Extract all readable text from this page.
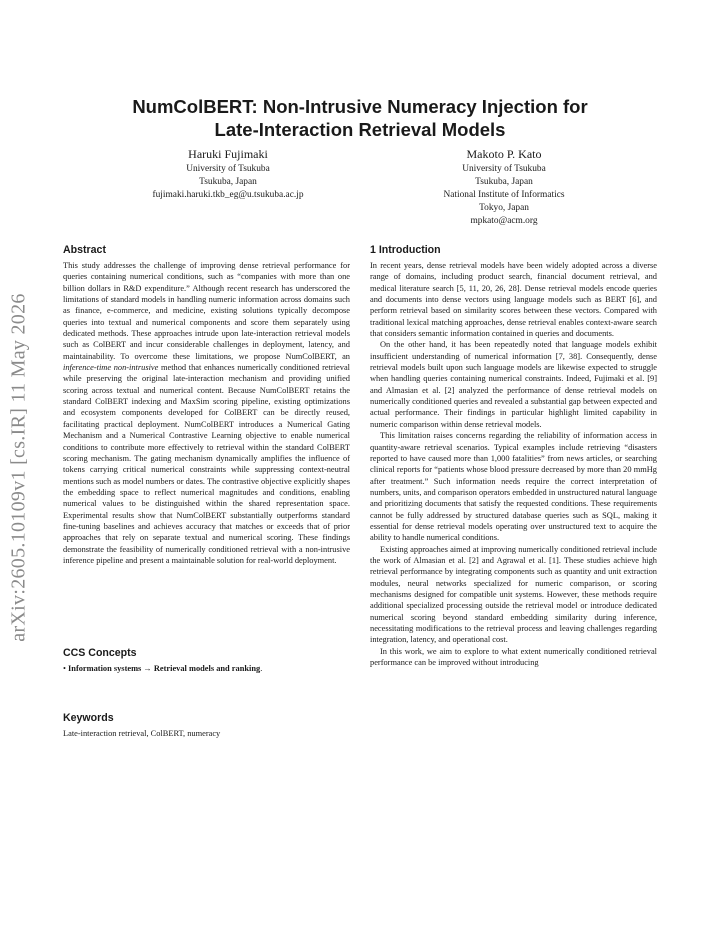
arXiv:2605.10109v1 [cs.IR] 11 May 2026
NumColBERT: Non-Intrusive Numeracy Injection for
Late-Interaction Retrieval Models
Haruki Fujimaki
University of Tsukuba
Tsukuba, Japan
fujimaki.haruki.tkb_eg@u.tsukuba.ac.jp
Makoto P. Kato
University of Tsukuba
Tsukuba, Japan
National Institute of Informatics
Tokyo, Japan
mpkato@acm.org
Abstract

This study addresses the challenge of improving dense retrieval performance for queries containing numerical conditions, such as “companies with more than one billion dollars in R&D expenditure.” Although recent research has underscored the limitations of standard models in handling numeric information across domains such as finance, e-commerce, and medicine, existing solutions typically decompose queries into textual and numerical components and score them separately using dedicated methods. These approaches intrude upon late-interaction retrieval models such as ColBERT and incur considerable challenges in deployment, latency, and maintainability. To overcome these limitations, we propose NumColBERT, an inference-time non-intrusive method that enhances numerically conditioned retrieval while preserving the original late-interaction mechanism and providing unified scoring across textual and numerical content. Because NumColBERT retains the standard ColBERT indexing and MaxSim scoring pipeline, existing optimizations and ecosystem components developed for ColBERT can be directly reused, facilitating practical deployment. NumColBERT introduces a Numerical Gating Mechanism and a Numerical Contrastive Learning objective to enable numerical conditions to contribute more effectively to retrieval within the standard ColBERT scoring mechanism. The gating mechanism dynamically amplifies the influence of tokens carrying critical numerical constraints while suppressing context-neutral mentions such as model numbers or dates. The contrastive objective explicitly shapes the embedding space to reflect numerical magnitudes and conditions, enabling numerical values to be distinguished within the shared representation space. Experimental results show that NumColBERT substantially outperforms standard fine-tuning baselines and achieves accuracy that matches or exceeds that of prior approaches that rely on separate textual and numerical scoring. These findings demonstrate the feasibility of numerically conditioned retrieval with a non-intrusive inference pipeline and present a maintainable solution for real-world deployment.

CCS Concepts

• Information systems → Retrieval models and ranking.

Keywords

Late-interaction retrieval, ColBERT, numeracy

1 Introduction

In recent years, dense retrieval models have been widely adopted across a diverse range of domains, including product search, financial document retrieval, and medical literature search [5, 11, 20, 26, 28]. Dense retrieval models encode queries and documents into dense vectors using language models such as BERT [6], and perform retrieval based on similarity scores between these vectors. Compared with traditional lexical matching approaches, dense retrieval enables context-aware search that considers semantic information contained in queries and documents.

On the other hand, it has been repeatedly noted that language models exhibit insufficient understanding of numerical information [7, 38]. Consequently, dense retrieval models built upon such language models are likewise expected to struggle when handling queries containing numerical constraints. Indeed, Fujimaki et al. [9] and Almasian et al. [2] analyzed the performance of dense retrieval models on numerically conditioned queries and revealed a substantial gap between expected and actual performance. Their findings in particular highlight limited capability in numeric comparison within dense retrieval models.

This limitation raises concerns regarding the reliability of information access in quantity-aware retrieval scenarios. Typical examples include retrieving “disasters reported to have caused more than 1,000 fatalities” from news articles, or searching clinical reports for “patients whose blood pressure decreased by more than 20 mmHg after treatment.” Such information needs require the correct interpretation of numbers, units, and comparison operators embedded in unstructured natural language and prioritizing documents that satisfy the requested conditions. These requirements cannot be fully addressed by structured database queries such as SQL, making it essential for dense retrieval models operating over unstructured text to acquire the ability to handle numerical conditions.

Existing approaches aimed at improving numerically conditioned retrieval include the work of Almasian et al. [2] and Agrawal et al. [1]. These studies achieve high retrieval performance by integrating components such as quantity and unit extraction modules, neural networks specialized for numeric comparison, or scoring mechanisms designed for compatible unit systems. However, these methods require additional specialized processing outside the retrieval model or introduce dedicated numerical scoring beyond standard embedding similarity during inference, necessitating modifications to the retrieval process and leaving challenges regarding integration, latency, and operational cost.

In this work, we aim to explore to what extent numerically conditioned retrieval performance can be improved without introducing
